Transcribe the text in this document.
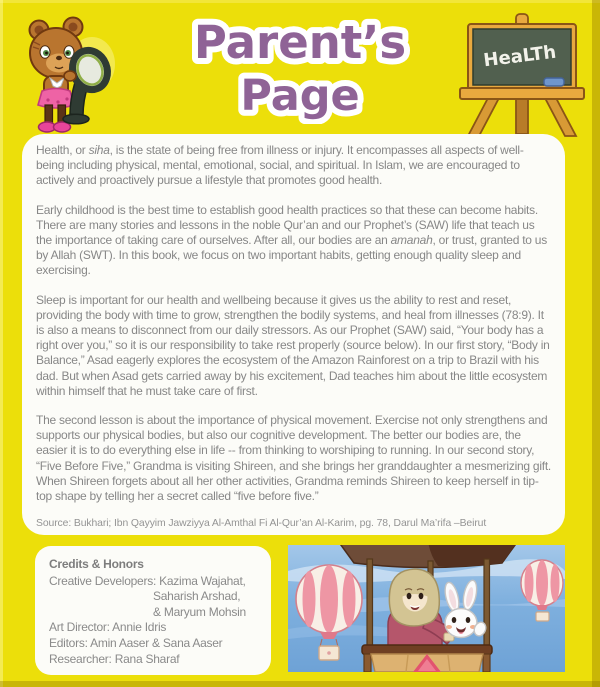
Parent’s
Page
HeaLTh

Health, or siha, is the state of being free from illness or injury. It encompasses all aspects of well-being including physical, mental, emotional, social, and spiritual. In Islam, we are encouraged to actively and proactively pursue a lifestyle that promotes good health.

Early childhood is the best time to establish good health practices so that these can become habits. There are many stories and lessons in the noble Qur’an and our Prophet’s (SAW) life that teach us the importance of taking care of ourselves. After all, our bodies are an amanah, or trust, granted to us by Allah (SWT). In this book, we focus on two important habits, getting enough quality sleep and exercising.

Sleep is important for our health and wellbeing because it gives us the ability to rest and reset, providing the body with time to grow, strengthen the bodily systems, and heal from illnesses (78:9). It is also a means to disconnect from our daily stressors. As our Prophet (SAW) said, “Your body has a right over you,” so it is our responsibility to take rest properly (source below). In our first story, “Body in Balance,” Asad eagerly explores the ecosystem of the Amazon Rainforest on a trip to Brazil with his dad. But when Asad gets carried away by his excitement, Dad teaches him about the little ecosystem within himself that he must take care of first.

The second lesson is about the importance of physical movement. Exercise not only strengthens and supports our physical bodies, but also our cognitive development. The better our bodies are, the easier it is to do everything else in life -- from thinking to worshiping to running. In our second story, “Five Before Five,” Grandma is visiting Shireen, and she brings her granddaughter a mesmerizing gift. When Shireen forgets about all her other activities, Grandma reminds Shireen to keep herself in tip-top shape by telling her a secret called “five before five.”

Source: Bukhari; Ibn Qayyim Jawziyya Al-Amthal Fi Al-Qur’an Al-Karim, pg. 78, Darul Ma’rifa –Beirut
Credits & Honors
Creative Developers: Kazima Wajahat,
Saharish Arshad,
& Maryum Mohsin
Art Director: Annie Idris
Editors: Amin Aaser & Sana Aaser
Researcher: Rana Sharaf
